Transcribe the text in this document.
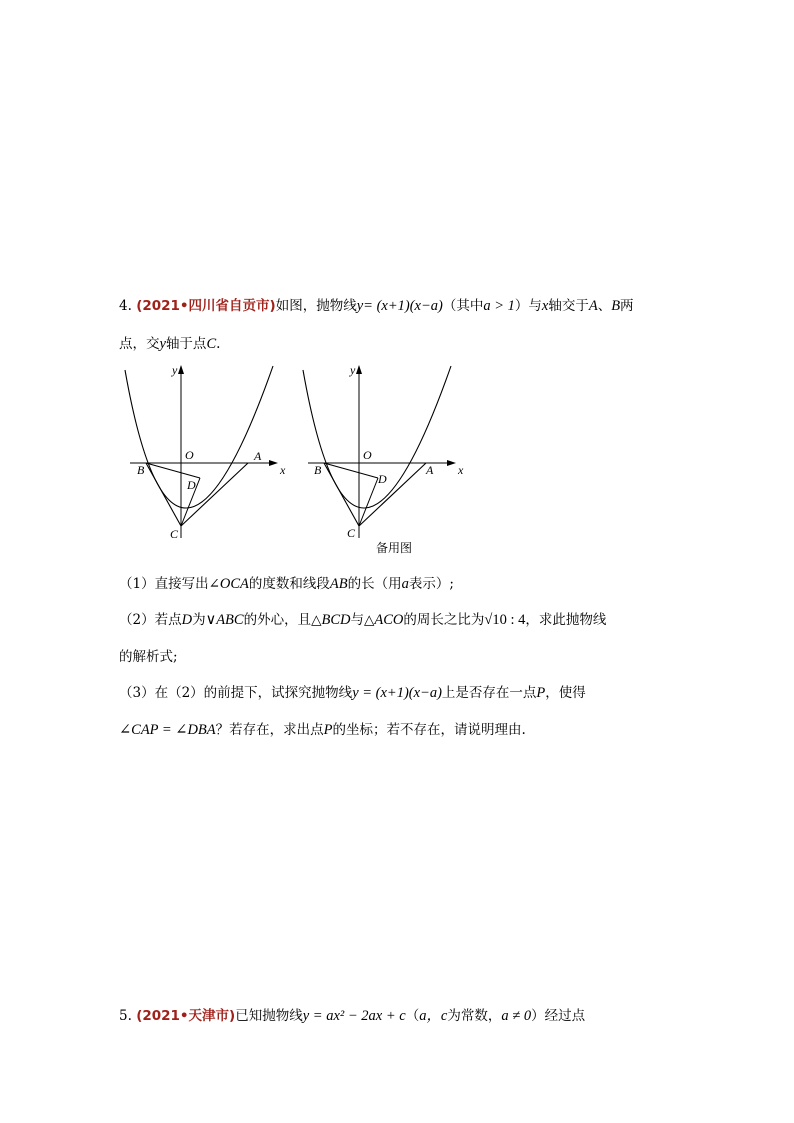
4. (2021•四川省自贡市)如图，抛物线y= (x+1)(x−a)（其中a > 1）与x轴交于A、B两
点，交y轴于点C.
y
x
O	A
B
D
C
y
x
O
A
B
D
C
备用图
（1）直接写出∠OCA的度数和线段AB的长（用a表示）;
（2）若点D为∨ABC的外心，且△BCD与△ACO的周长之比为√10 : 4，求此抛物线
的解析式;
（3）在（2）的前提下，试探究抛物线y = (x+1)(x−a)上是否存在一点P，使得
∠CAP = ∠DBA？若存在，求出点P的坐标；若不存在，请说明理由.
5. (2021•天津市)已知抛物线y = ax² − 2ax + c（a，c为常数，a ≠ 0）经过点
